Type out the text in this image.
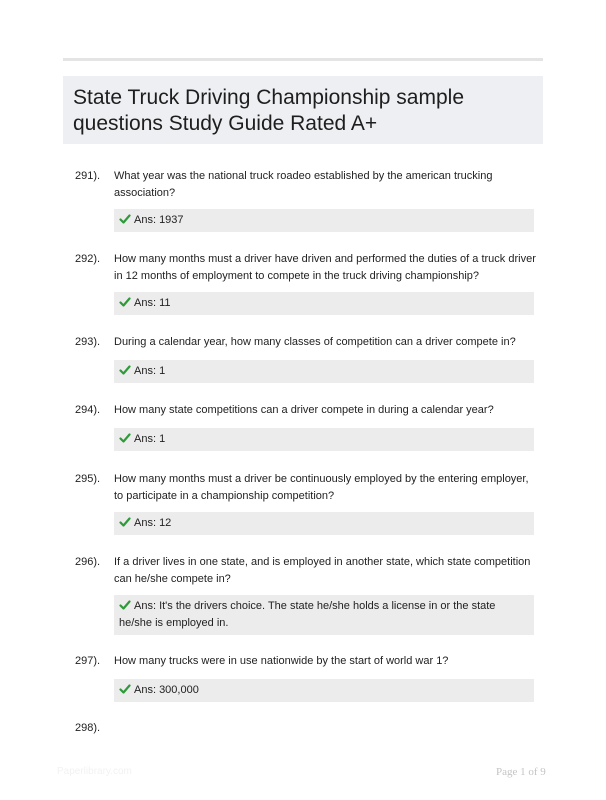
State Truck Driving Championship sample
questions Study Guide Rated A+
291). What year was the national truck roadeo established by the american trucking association?
Ans: 1937
292). How many months must a driver have driven and performed the duties of a truck driver in 12 months of employment to compete in the truck driving championship?
Ans: 11
293). During a calendar year, how many classes of competition can a driver compete in?
Ans: 1
294). How many state competitions can a driver compete in during a calendar year?
Ans: 1
295). How many months must a driver be continuously employed by the entering employer, to participate in a championship competition?
Ans: 12
296). If a driver lives in one state, and is employed in another state, which state competition can he/she compete in?
Ans: It's the drivers choice. The state he/she holds a license in or the state he/she is employed in.
297). How many trucks were in use nationwide by the start of world war 1?
Ans: 300,000
298).
Paperlibrary.com	Page 1 of 9
